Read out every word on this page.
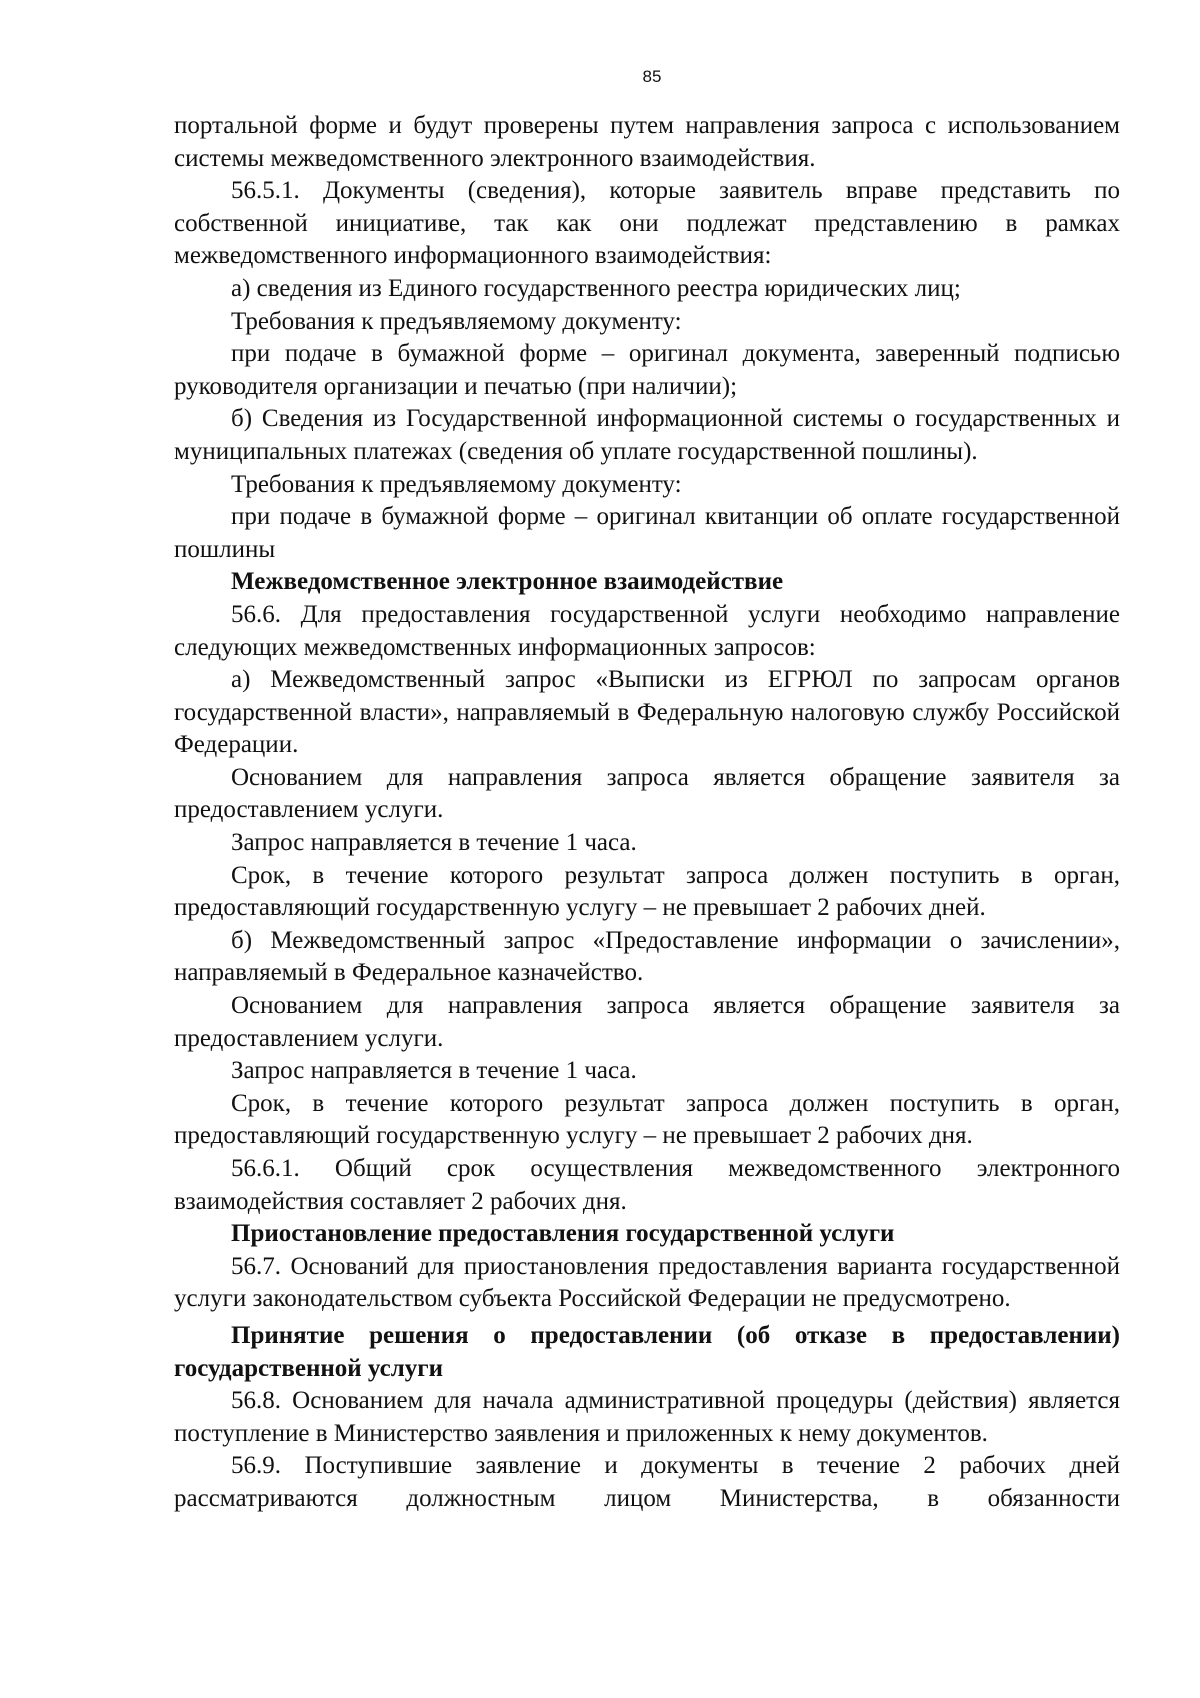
85

портальной форме и будут проверены путем направления запроса с использованием системы межведомственного электронного взаимодействия.

56.5.1. Документы (сведения), которые заявитель вправе представить по собственной инициативе, так как они подлежат представлению в рамках межведомственного информационного взаимодействия:

а) сведения из Единого государственного реестра юридических лиц;

Требования к предъявляемому документу:

при подаче в бумажной форме – оригинал документа, заверенный подписью руководителя организации и печатью (при наличии);

б) Сведения из Государственной информационной системы о государственных и муниципальных платежах (сведения об уплате государственной пошлины).

Требования к предъявляемому документу:

при подаче в бумажной форме – оригинал квитанции об оплате государственной пошлины

Межведомственное электронное взаимодействие

56.6. Для предоставления государственной услуги необходимо направление следующих межведомственных информационных запросов:

а) Межведомственный запрос «Выписки из ЕГРЮЛ по запросам органов государственной власти», направляемый в Федеральную налоговую службу Российской Федерации.

Основанием для направления запроса является обращение заявителя за предоставлением услуги.

Запрос направляется в течение 1 часа.

Срок, в течение которого результат запроса должен поступить в орган, предоставляющий государственную услугу – не превышает 2 рабочих дней.

б) Межведомственный запрос «Предоставление информации о зачислении», направляемый в Федеральное казначейство.

Основанием для направления запроса является обращение заявителя за предоставлением услуги.

Запрос направляется в течение 1 часа.

Срок, в течение которого результат запроса должен поступить в орган, предоставляющий государственную услугу – не превышает 2 рабочих дня.

56.6.1. Общий срок осуществления межведомственного электронного взаимодействия составляет 2 рабочих дня.

Приостановление предоставления государственной услуги

56.7. Оснований для приостановления предоставления варианта государственной услуги законодательством субъекта Российской Федерации не предусмотрено.

Принятие решения о предоставлении (об отказе в предоставлении) государственной услуги

56.8. Основанием для начала административной процедуры (действия) является поступление в Министерство заявления и приложенных к нему документов.

56.9. Поступившие заявление и документы в течение 2 рабочих дней рассматриваются должностным лицом Министерства, в обязанности
